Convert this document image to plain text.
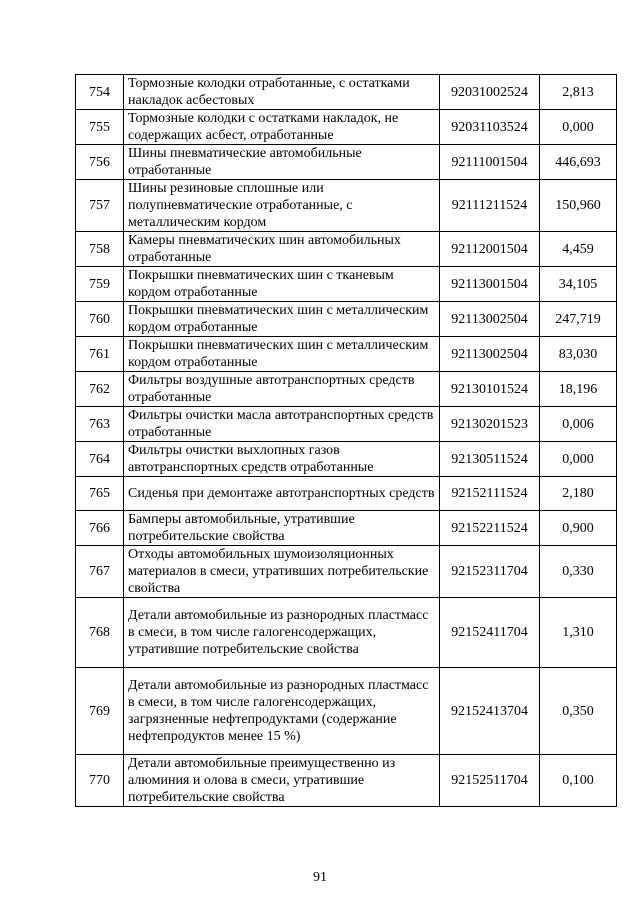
754	Тормозные колодки отработанные, с остатками накладок асбестовых	92031002524	2,813
755	Тормозные колодки с остатками накладок, не содержащих асбест, отработанные	92031103524	0,000
756	Шины пневматические автомобильные отработанные	92111001504	446,693
757	Шины резиновые сплошные или полупневматические отработанные, с металлическим кордом	92111211524	150,960
758	Камеры пневматических шин автомобильных отработанные	92112001504	4,459
759	Покрышки пневматических шин с тканевым кордом отработанные	92113001504	34,105
760	Покрышки пневматических шин с металлическим кордом отработанные	92113002504	247,719
761	Покрышки пневматических шин с металлическим кордом отработанные	92113002504	83,030
762	Фильтры воздушные автотранспортных средств отработанные	92130101524	18,196
763	Фильтры очистки масла автотранспортных средств отработанные	92130201523	0,006
764	Фильтры очистки выхлопных газов автотранспортных средств отработанные	92130511524	0,000
765	Сиденья при демонтаже автотранспортных средств	92152111524	2,180
766	Бамперы автомобильные, утратившие потребительские свойства	92152211524	0,900
767	Отходы автомобильных шумоизоляционных материалов в смеси, утративших потребительские свойства	92152311704	0,330
768	Детали автомобильные из разнородных пластмасс в смеси, в том числе галогенсодержащих, утратившие потребительские свойства	92152411704	1,310
769	Детали автомобильные из разнородных пластмасс в смеси, в том числе галогенсодержащих, загрязненные нефтепродуктами (содержание нефтепродуктов менее 15 %)	92152413704	0,350
770	Детали автомобильные преимущественно из алюминия и олова в смеси, утратившие потребительские свойства	92152511704	0,100
91
